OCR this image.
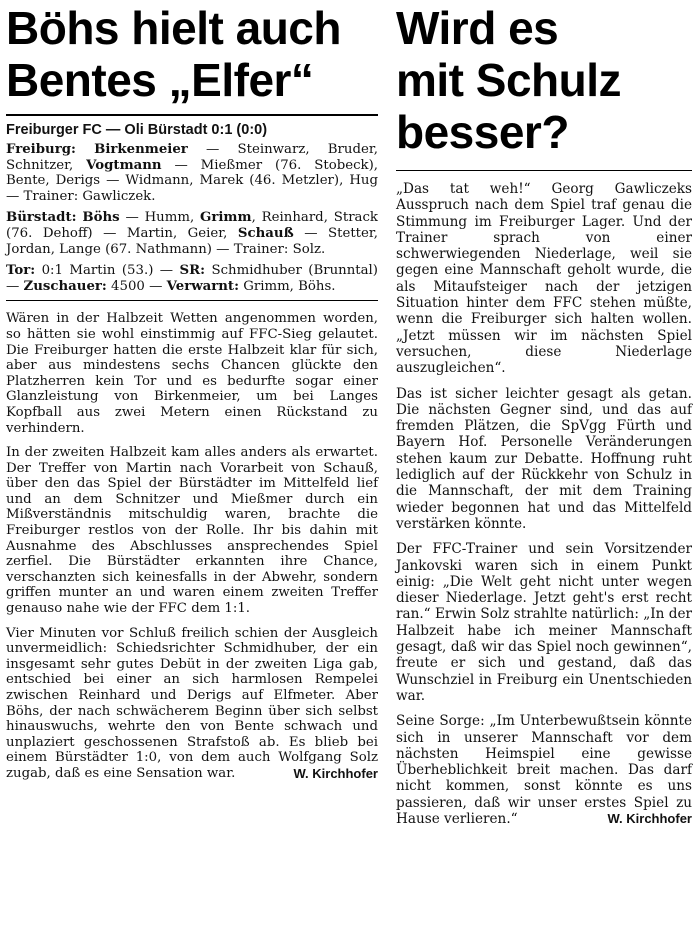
Böhs hielt auch
Bentes „Elfer“
Freiburger FC — Oli Bürstadt 0:1 (0:0)

Freiburg: Birkenmeier — Steinwarz, Bruder, Schnitzer, Vogtmann — Mießmer (76. Stobeck), Bente, Derigs — Widmann, Marek (46. Metzler), Hug — Trainer: Gawliczek.

Bürstadt: Böhs — Humm, Grimm, Reinhard, Strack (76. Dehoff) — Martin, Geier, Schauß — Stetter, Jordan, Lange (67. Nathmann) — Trainer: Solz.

Tor: 0:1 Martin (53.) — SR: Schmidhuber (Brunntal) — Zuschauer: 4500 — Verwarnt: Grimm, Böhs.

Wären in der Halbzeit Wetten angenommen worden, so hätten sie wohl einstimmig auf FFC-Sieg gelautet. Die Freiburger hatten die erste Halbzeit klar für sich, aber aus mindestens sechs Chancen glückte den Platzherren kein Tor und es bedurfte sogar einer Glanzleistung von Birkenmeier, um bei Langes Kopfball aus zwei Metern einen Rückstand zu verhindern.

In der zweiten Halbzeit kam alles anders als erwartet. Der Treffer von Martin nach Vorarbeit von Schauß, über den das Spiel der Bürstädter im Mittelfeld lief und an dem Schnitzer und Mießmer durch ein Mißverständnis mitschuldig waren, brachte die Freiburger restlos von der Rolle. Ihr bis dahin mit Ausnahme des Abschlusses ansprechendes Spiel zerfiel. Die Bürstädter erkannten ihre Chance, verschanzten sich keinesfalls in der Abwehr, sondern griffen munter an und waren einem zweiten Treffer genauso nahe wie der FFC dem 1:1.

Vier Minuten vor Schluß freilich schien der Ausgleich unvermeidlich: Schiedsrichter Schmidhuber, der ein insgesamt sehr gutes Debüt in der zweiten Liga gab, entschied bei einer an sich harmlosen Rempelei zwischen Reinhard und Derigs auf Elfmeter. Aber Böhs, der nach schwächerem Beginn über sich selbst hinauswuchs, wehrte den von Bente schwach und unplaziert geschossenen Strafstoß ab. Es blieb bei einem Bürstädter 1:0, von dem auch Wolfgang Solz zugab, daß es eine Sensation war.	W. Kirchhofer

Wird es
mit Schulz
besser?

„Das tat weh!“ Georg Gawliczeks Ausspruch nach dem Spiel traf genau die Stimmung im Freiburger Lager. Und der Trainer sprach von einer schwerwiegenden Niederlage, weil sie gegen eine Mannschaft geholt wurde, die als Mitaufsteiger nach der jetzigen Situation hinter dem FFC stehen müßte, wenn die Freiburger sich halten wollen. „Jetzt müssen wir im nächsten Spiel versuchen, diese Niederlage auszugleichen“.

Das ist sicher leichter gesagt als getan. Die nächsten Gegner sind, und das auf fremden Plätzen, die SpVgg Fürth und Bayern Hof. Personelle Veränderungen stehen kaum zur Debatte. Hoffnung ruht lediglich auf der Rückkehr von Schulz in die Mannschaft, der mit dem Training wieder begonnen hat und das Mittelfeld verstärken könnte.

Der FFC-Trainer und sein Vorsitzender Jankovski waren sich in einem Punkt einig: „Die Welt geht nicht unter wegen dieser Niederlage. Jetzt geht's erst recht ran.“ Erwin Solz strahlte natürlich: „In der Halbzeit habe ich meiner Mannschaft gesagt, daß wir das Spiel noch gewinnen“, freute er sich und gestand, daß das Wunschziel in Freiburg ein Unentschieden war.

Seine Sorge: „Im Unterbewußtsein könnte sich in unserer Mannschaft vor dem nächsten Heimspiel eine gewisse Überheblichkeit breit machen. Das darf nicht kommen, sonst könnte es uns passieren, daß wir unser erstes Spiel zu Hause verlieren.“	W. Kirchhofer
